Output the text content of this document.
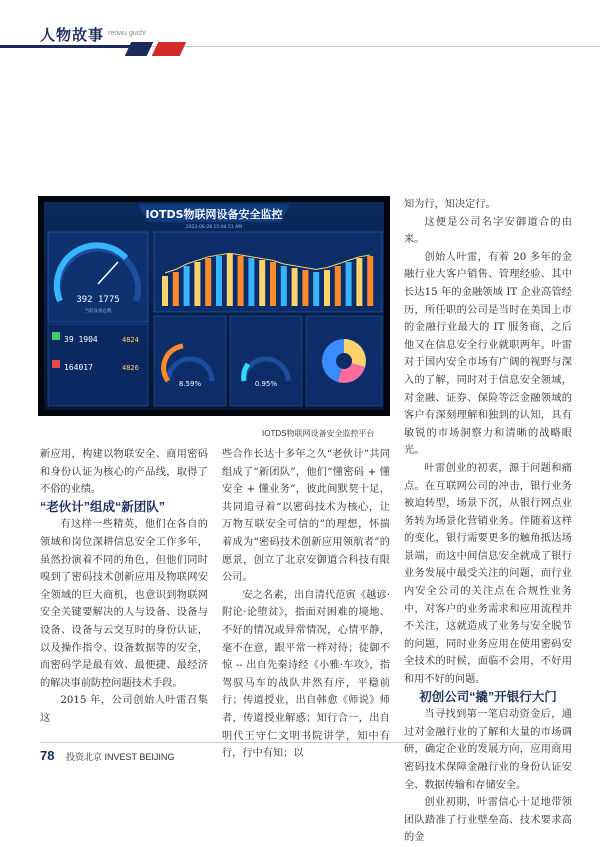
人物故事 renwu gushi
IOTDS物联网设备安全监控
2022-06-28 15:04:51 AM
392 1775
当前设备总数
39 1904	4824
164017	4826
8.59%	0.95%
IOTDS物联网设备安全监控平台

新应用，构建以物联安全、商用密码和身份认证为核心的产品线，取得了不俗的业绩。

“老伙计”组成“新团队”

有这样一些精英，他们在各自的领域和岗位深耕信息安全工作多年，虽然扮演着不同的角色，但他们同时嗅到了密码技术创新应用及物联网安全领域的巨大商机，也意识到物联网安全关键要解决的人与设备、设备与设备、设备与云交互时的身份认证，以及操作指令、设备数据等的安全，而密码学是最有效、最便捷、最经济的解决事前防控问题技术手段。

2015 年，公司创始人叶雷召集这

些合作长达十多年之久“老伙计”共同组成了“新团队”，他们“懂密码 + 懂安全 + 懂业务”，彼此间默契十足，共同追寻着“以密码技术为核心，让万物互联安全可信的”的理想，怀揣着成为“密码技术创新应用领航者”的愿景，创立了北京安御道合科技有限公司。

安之名素，出自清代范寅《越谚·附论·论堕贫》，指面对困难的境地、不好的情况或异常情况，心情平静，毫不在意，跟平常一样对待；徒御不惊 -- 出自先秦诗经《小雅·车攻》，指驾驭马车的战队井然有序，平稳前行；传道授业，出自韩愈《师说》师者，传道授业解惑；知行合一，出自明代王守仁文明书院讲学，知中有行，行中有知；以

知为行，知决定行。

这便是公司名字安御道合的由来。

创始人叶雷，有着 20 多年的金融行业大客户销售、管理经验、其中长达15 年的金融领域 IT 企业高管经历，所任职的公司是当时在美国上市的金融行业最大的 IT 服务商，之后他又在信息安全行业就职两年。叶雷对于国内安全市场有广阔的视野与深入的了解，同时对于信息安全领域，对金融、证券、保险等泛金融领域的客户有深刻理解和独到的认知，具有敏锐的市场洞察力和清晰的战略眼光。

叶雷创业的初衷，源于问题和痛点。在互联网公司的冲击，银行业务被迫转型，场景下沉，从银行网点业务转为场景化营销业务。伴随着这样的变化，银行需要更多的触角抵达场景端，而这中间信息安全就成了银行业务发展中最受关注的问题，而行业内安全公司的关注点在合规性业务中，对客户的业务需求和应用流程并不关注，这就造成了业务与安全脱节的问题，同时业务应用在使用密码安全技术的时候，面临不会用，不好用和用不好的问题。

初创公司“撬”开银行大门

当寻找到第一笔启动资金后，通过对金融行业的了解和大量的市场调研，确定企业的发展方向，应用商用密码技术保障金融行业的身份认证安全、数据传输和存储安全。

创业初期，叶雷信心十足地带领团队踏准了行业壁垒高、技术要求高的金

78 投资北京 INVEST BEIJING
